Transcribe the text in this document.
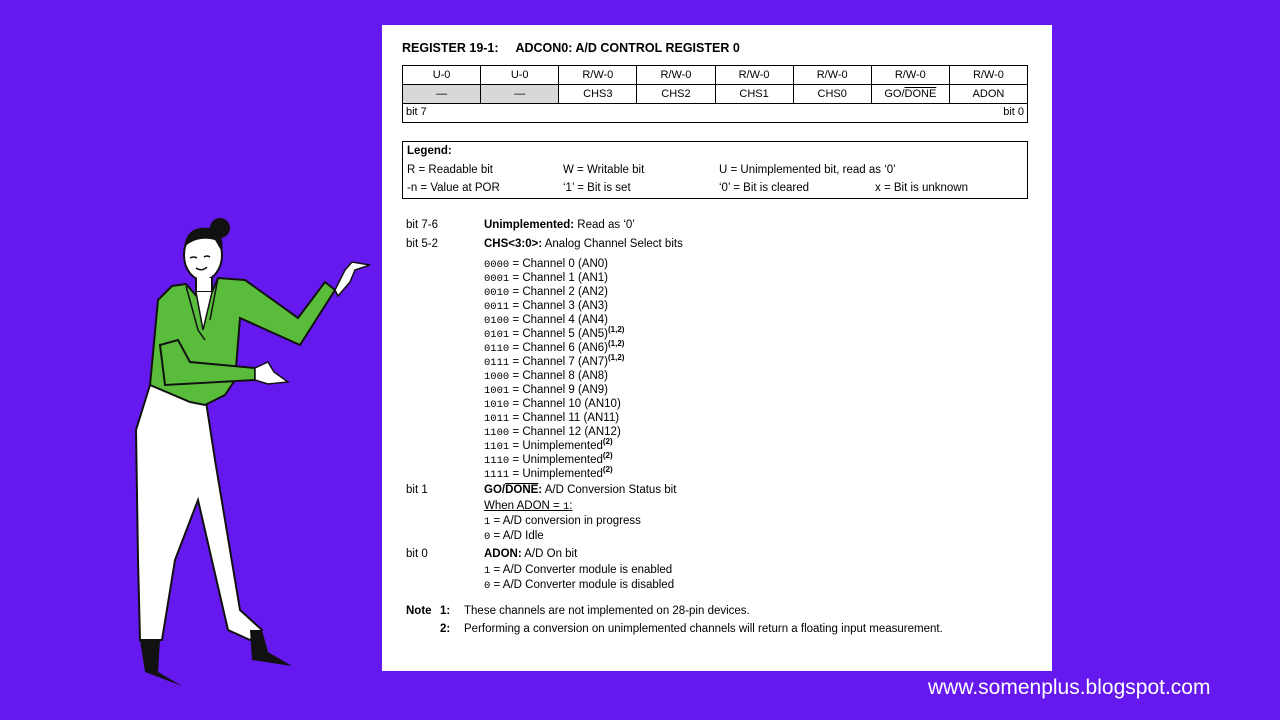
REGISTER 19-1:     ADCON0: A/D CONTROL REGISTER 0
U-0	U-0	R/W-0	R/W-0	R/W-0	R/W-0	R/W-0	R/W-0
—	—	CHS3	CHS2	CHS1	CHS0	GO/DONE	ADON

bit 7 bit 0							
Legend:
R = Readable bit	W = Writable bit	U = Unimplemented bit, read as ‘0’
-n = Value at POR	‘1’ = Bit is set	‘0’ = Bit is cleared	x = Bit is unknown
bit 7-6	Unimplemented: Read as ‘0’
bit 5-2	CHS<3:0>: Analog Channel Select bits
0000 = Channel 0 (AN0)
0001 = Channel 1 (AN1)
0010 = Channel 2 (AN2)
0011 = Channel 3 (AN3)
0100 = Channel 4 (AN4)
0101 = Channel 5 $(AN5)^{(1,2)}$
0110 = Channel 6 $(AN6)^{(1,2)}$
0111 = Channel 7 $(AN7)^{(1,2)}$
1000 = Channel 8 (AN8)
1001 = Channel 9 (AN9)
1010 = Channel 10 (AN10)
1011 = Channel 11 (AN11)
1100 = Channel 12 (AN12)
1101 = Unimplemented$^{(2)}$
1110 = Unimplemented$^{(2)}$
1111 = Unimplemented$^{(2)}$
bit 1	GO/DONE: A/D Conversion Status bit
When ADON = 1:
1 = A/D conversion in progress
0 = A/D Idle
bit 0	ADON: A/D On bit
1 = A/D Converter module is enabled
0 = A/D Converter module is disabled
Note 1: These channels are not implemented on 28-pin devices.
2: Performing a conversion on unimplemented channels will return a floating input measurement.
www.somenplus.blogspot.com
